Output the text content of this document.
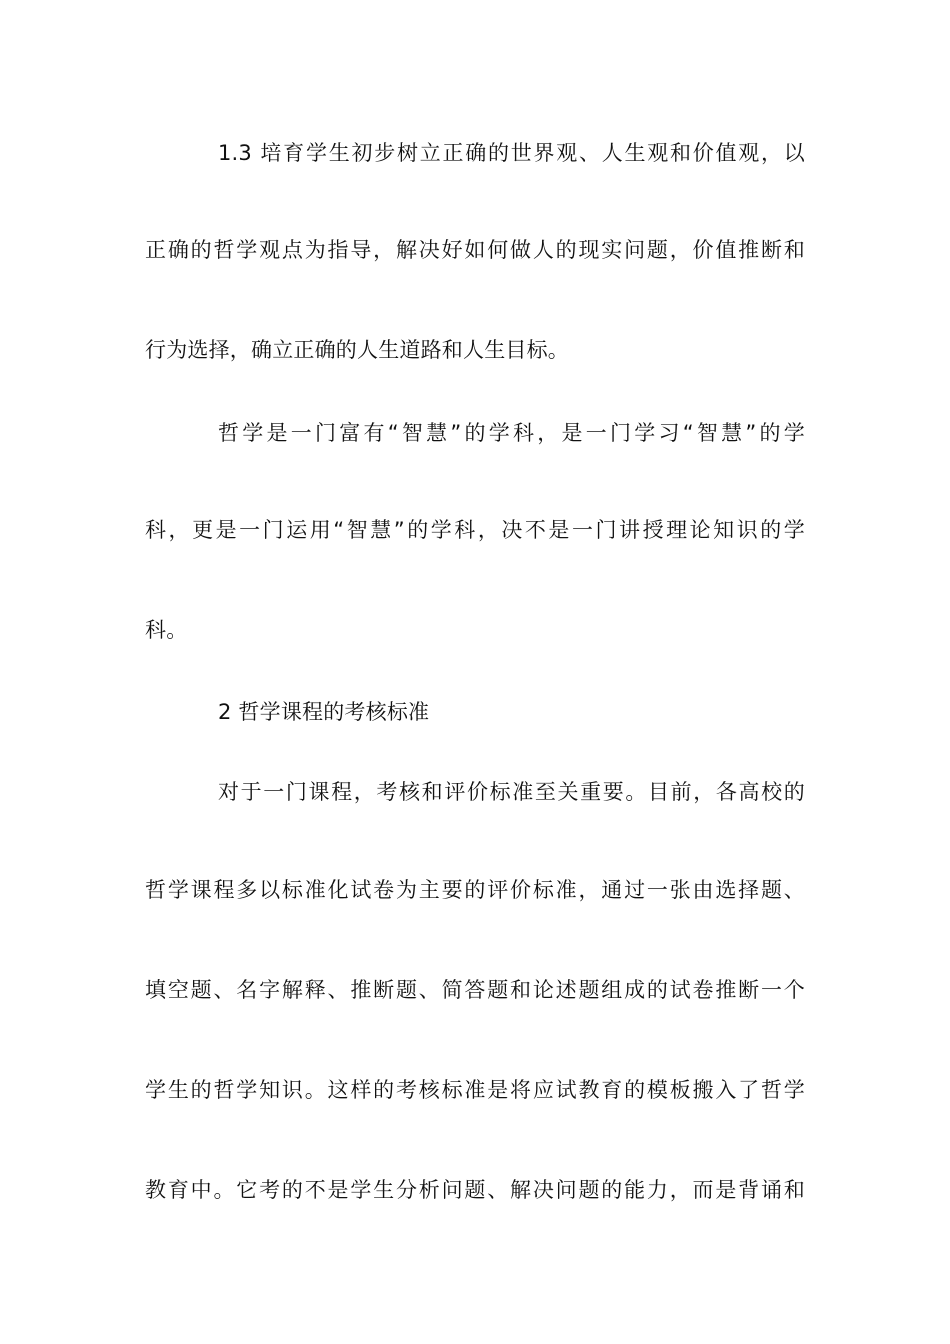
1.3 培育学生初步树立正确的世界观、人生观和价值观，以
正确的哲学观点为指导，解决好如何做人的现实问题，价值推断和
行为选择，确立正确的人生道路和人生目标。
哲学是一门富有“智慧”的学科，是一门学习“智慧”的学
科，更是一门运用“智慧”的学科，决不是一门讲授理论知识的学
科。
2 哲学课程的考核标准
对于一门课程，考核和评价标准至关重要。目前，各高校的
哲学课程多以标准化试卷为主要的评价标准，通过一张由选择题、
填空题、名字解释、推断题、简答题和论述题组成的试卷推断一个
学生的哲学知识。这样的考核标准是将应试教育的模板搬入了哲学
教育中。它考的不是学生分析问题、解决问题的能力，而是背诵和
